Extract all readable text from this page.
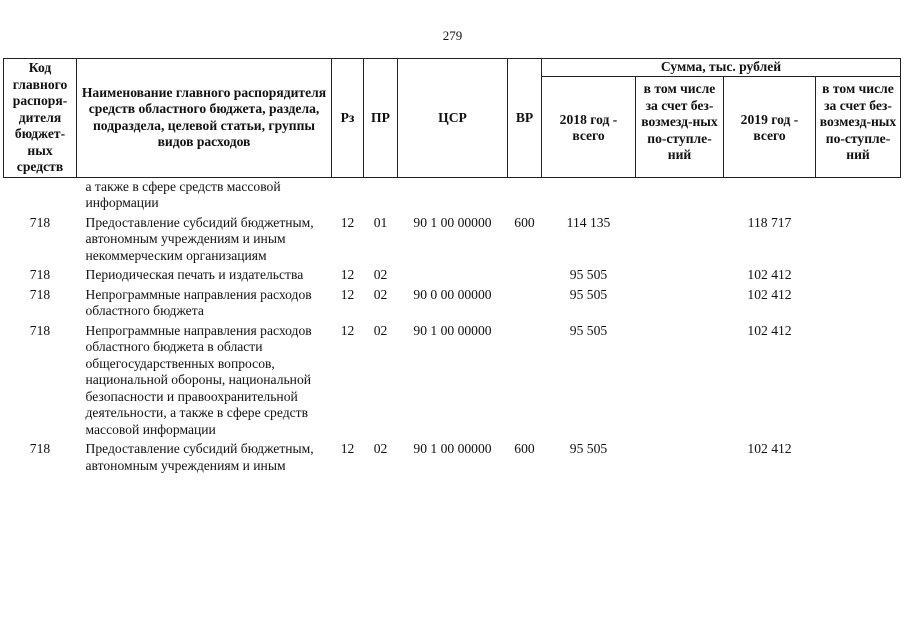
279
Код главного распоря-дителя бюджет-ных средств	Наименование главного распорядителя средств областного бюджета, раздела, подраздела, целевой статьи, группы видов расходов	Рз	ПР	ЦСР	ВР	Сумма, тыс. рублей			
						2018 год - всего	в том числе за счет без-возмезд-ных по-ступле-ний	2019 год - всего	в том числе за счет без-возмезд-ных по-ступле-ний
	а также в сфере средств массовой информации								
718	Предоставление субсидий бюджетным, автономным учреждениям и иным некоммерческим организациям	12	01	90 1 00 00000	600	114 135		118 717	
718	Периодическая печать и издательства	12	02			95 505		102 412	
718	Непрограммные направления расходов областного бюджета	12	02	90 0 00 00000		95 505		102 412	
718	Непрограммные направления расходов областного бюджета в области общегосударственных вопросов, национальной обороны, национальной безопасности и правоохранительной деятельности, а также в сфере средств массовой информации	12	02	90 1 00 00000		95 505		102 412	
718	Предоставление субсидий бюджетным, автономным учреждениям и иным	12	02	90 1 00 00000	600	95 505		102 412	
